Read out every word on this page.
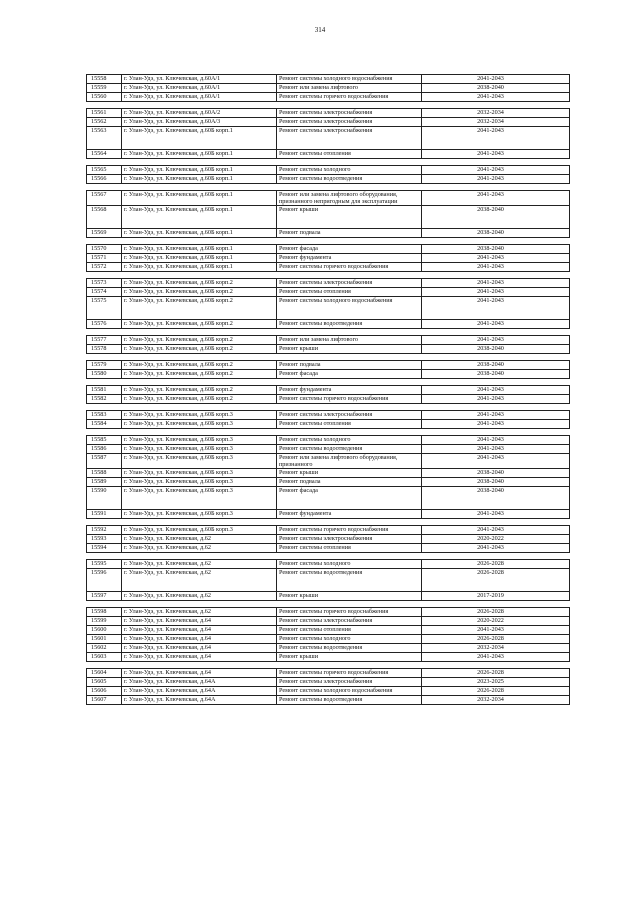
314
15558	г. Улан-Удэ, ул. Ключевская, д.60А/1	Ремонт системы холодного водоснабжения	2041-2043
15559	г. Улан-Удэ, ул. Ключевская, д.60А/1	Ремонт или замена лифтового	2038-2040
15560	г. Улан-Удэ, ул. Ключевская, д.60А/1	Ремонт системы горячего водоснабжения	2041-2043

15561	г. Улан-Удэ, ул. Ключевская, д.60А/2	Ремонт системы электроснабжения	2032-2034
15562	г. Улан-Удэ, ул. Ключевская, д.60А/3	Ремонт системы электроснабжения	2032-2034
15563	г. Улан-Удэ, ул. Ключевская, д.60Б корп.1	Ремонт системы электроснабжения	2041-2043
15564	г. Улан-Удэ, ул. Ключевская, д.60Б корп.1	Ремонт системы отопления	2041-2043

15565	г. Улан-Удэ, ул. Ключевская, д.60Б корп.1	Ремонт системы холодного	2041-2043
15566	г. Улан-Удэ, ул. Ключевская, д.60Б корп.1	Ремонт системы водоотведения	2041-2043

15567	г. Улан-Удэ, ул. Ключевская, д.60Б корп.1	Ремонт или замена лифтового оборудования, признанного непригодным для эксплуатации	2041-2043
15568	г. Улан-Удэ, ул. Ключевская, д.60Б корп.1	Ремонт крыши	2038-2040
15569	г. Улан-Удэ, ул. Ключевская, д.60Б корп.1	Ремонт подвала	2038-2040

15570	г. Улан-Удэ, ул. Ключевская, д.60Б корп.1	Ремонт фасада	2038-2040
15571	г. Улан-Удэ, ул. Ключевская, д.60Б корп.1	Ремонт фундамента	2041-2043
15572	г. Улан-Удэ, ул. Ключевская, д.60Б корп.1	Ремонт системы горячего водоснабжения	2041-2043

15573	г. Улан-Удэ, ул. Ключевская, д.60Б корп.2	Ремонт системы электроснабжения	2041-2043
15574	г. Улан-Удэ, ул. Ключевская, д.60Б корп.2	Ремонт системы отопления	2041-2043
15575	г. Улан-Удэ, ул. Ключевская, д.60Б корп.2	Ремонт системы холодного водоснабжения	2041-2043
15576	г. Улан-Удэ, ул. Ключевская, д.60Б корп.2	Ремонт системы водоотведения	2041-2043

15577	г. Улан-Удэ, ул. Ключевская, д.60Б корп.2	Ремонт или замена лифтового	2041-2043
15578	г. Улан-Удэ, ул. Ключевская, д.60Б корп.2	Ремонт крыши	2038-2040

15579	г. Улан-Удэ, ул. Ключевская, д.60Б корп.2	Ремонт подвала	2038-2040
15580	г. Улан-Удэ, ул. Ключевская, д.60Б корп.2	Ремонт фасада	2038-2040

15581	г. Улан-Удэ, ул. Ключевская, д.60Б корп.2	Ремонт фундамента	2041-2043
15582	г. Улан-Удэ, ул. Ключевская, д.60Б корп.2	Ремонт системы горячего водоснабжения	2041-2043

15583	г. Улан-Удэ, ул. Ключевская, д.60Б корп.3	Ремонт системы электроснабжения	2041-2043
15584	г. Улан-Удэ, ул. Ключевская, д.60Б корп.3	Ремонт системы отопления	2041-2043

15585	г. Улан-Удэ, ул. Ключевская, д.60Б корп.3	Ремонт системы холодного	2041-2043
15586	г. Улан-Удэ, ул. Ключевская, д.60Б корп.3	Ремонт системы водоотведения	2041-2043
15587	г. Улан-Удэ, ул. Ключевская, д.60Б корп.3	Ремонт или замена лифтового оборудования, признанного	2041-2043
15588	г. Улан-Удэ, ул. Ключевская, д.60Б корп.3	Ремонт крыши	2038-2040
15589	г. Улан-Удэ, ул. Ключевская, д.60Б корп.3	Ремонт подвала	2038-2040
15590	г. Улан-Удэ, ул. Ключевская, д.60Б корп.3	Ремонт фасада	2038-2040
15591	г. Улан-Удэ, ул. Ключевская, д.60Б корп.3	Ремонт фундамента	2041-2043

15592	г. Улан-Удэ, ул. Ключевская, д.60Б корп.3	Ремонт системы горячего водоснабжения	2041-2043
15593	г. Улан-Удэ, ул. Ключевская, д.62	Ремонт системы электроснабжения	2020-2022
15594	г. Улан-Удэ, ул. Ключевская, д.62	Ремонт системы отопления	2041-2043

15595	г. Улан-Удэ, ул. Ключевская, д.62	Ремонт системы холодного	2026-2028
15596	г. Улан-Удэ, ул. Ключевская, д.62	Ремонт системы водоотведения	2026-2028
15597	г. Улан-Удэ, ул. Ключевская, д.62	Ремонт крыши	2017-2019

15598	г. Улан-Удэ, ул. Ключевская, д.62	Ремонт системы горячего водоснабжения	2026-2028
15599	г. Улан-Удэ, ул. Ключевская, д.64	Ремонт системы электроснабжения	2020-2022
15600	г. Улан-Удэ, ул. Ключевская, д.64	Ремонт системы отопления	2041-2043
15601	г. Улан-Удэ, ул. Ключевская, д.64	Ремонт системы холодного	2026-2028
15602	г. Улан-Удэ, ул. Ключевская, д.64	Ремонт системы водоотведения	2032-2034
15603	г. Улан-Удэ, ул. Ключевская, д.64	Ремонт крыши	2041-2043

15604	г. Улан-Удэ, ул. Ключевская, д.64	Ремонт системы горячего водоснабжения	2026-2028
15605	г. Улан-Удэ, ул. Ключевская, д.64А	Ремонт системы электроснабжения	2023-2025
15606	г. Улан-Удэ, ул. Ключевская, д.64А	Ремонт системы холодного водоснабжения	2026-2028
15607	г. Улан-Удэ, ул. Ключевская, д.64А	Ремонт системы водоотведения	2032-2034
